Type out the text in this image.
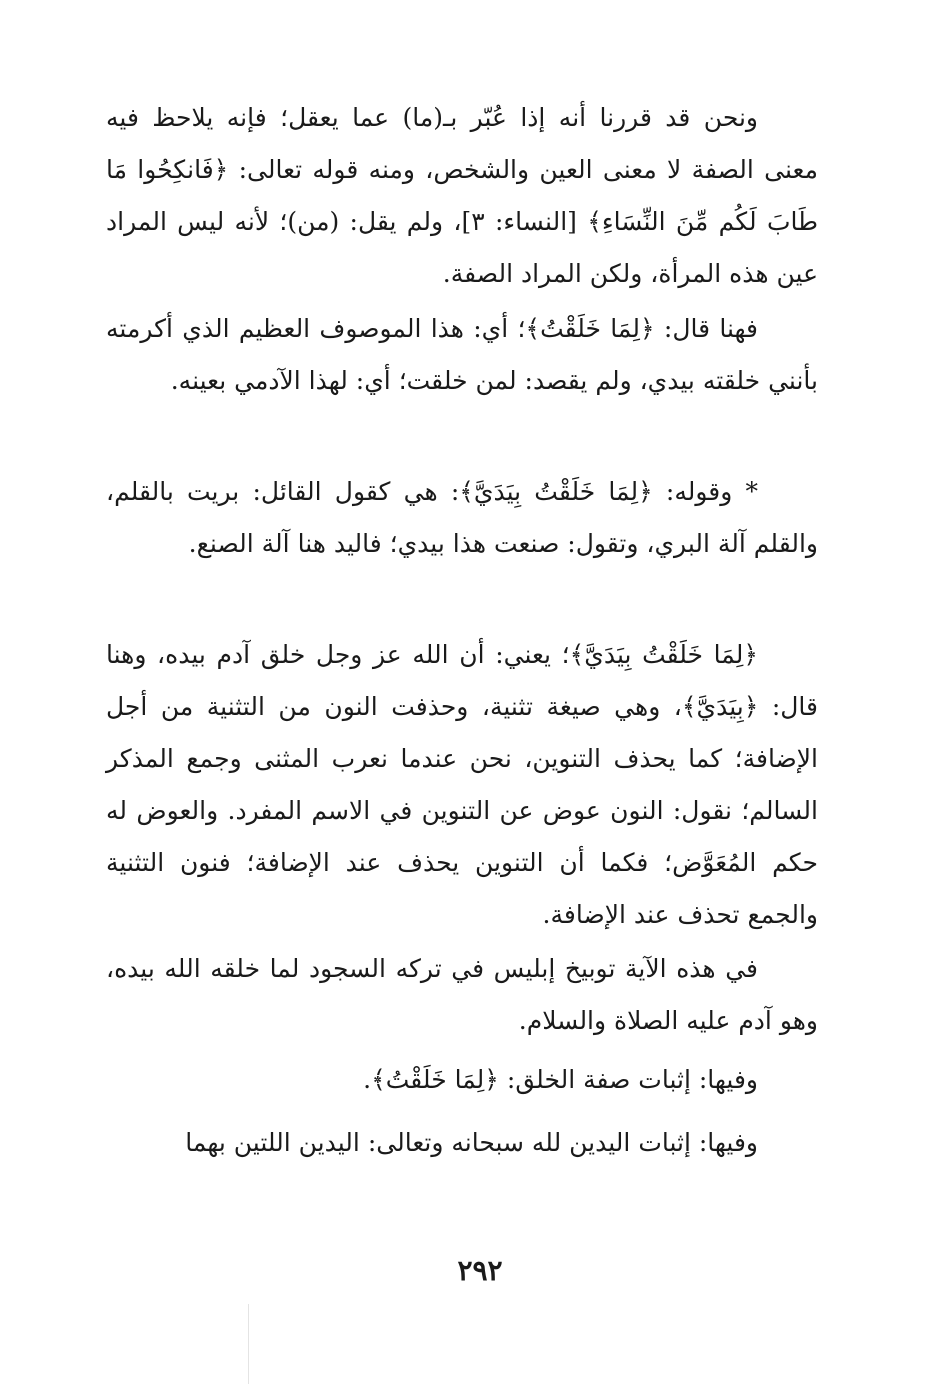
ونحن قد قررنا أنه إذا عُبّر بـ(ما) عما يعقل؛ فإنه يلاحظ فيه معنى الصفة لا معنى العين والشخص، ومنه قوله تعالى: ﴿فَانكِحُوا مَا طَابَ لَكُم مِّنَ النِّسَاءِ﴾ [النساء: ٣]، ولم يقل: (من)؛ لأنه ليس المراد عين هذه المرأة، ولكن المراد الصفة.

فهنا قال: ﴿لِمَا خَلَقْتُ﴾؛ أي: هذا الموصوف العظيم الذي أكرمته بأنني خلقته بيدي، ولم يقصد: لمن خلقت؛ أي: لهذا الآدمي بعينه.

* وقوله: ﴿لِمَا خَلَقْتُ بِيَدَيَّ﴾: هي كقول القائل: بريت بالقلم، والقلم آلة البري، وتقول: صنعت هذا بيدي؛ فاليد هنا آلة الصنع.

﴿لِمَا خَلَقْتُ بِيَدَيَّ﴾؛ يعني: أن الله عز وجل خلق آدم بيده، وهنا قال: ﴿بِيَدَيَّ﴾، وهي صيغة تثنية، وحذفت النون من التثنية من أجل الإضافة؛ كما يحذف التنوين، نحن عندما نعرب المثنى وجمع المذكر السالم؛ نقول: النون عوض عن التنوين في الاسم المفرد. والعوض له حكم المُعَوَّض؛ فكما أن التنوين يحذف عند الإضافة؛ فنون التثنية والجمع تحذف عند الإضافة.

في هذه الآية توبيخ إبليس في تركه السجود لما خلقه الله بيده، وهو آدم عليه الصلاة والسلام.

وفيها: إثبات صفة الخلق: ﴿لِمَا خَلَقْتُ﴾.

وفيها: إثبات اليدين لله سبحانه وتعالى: اليدين اللتين بهما

٢٩٢
